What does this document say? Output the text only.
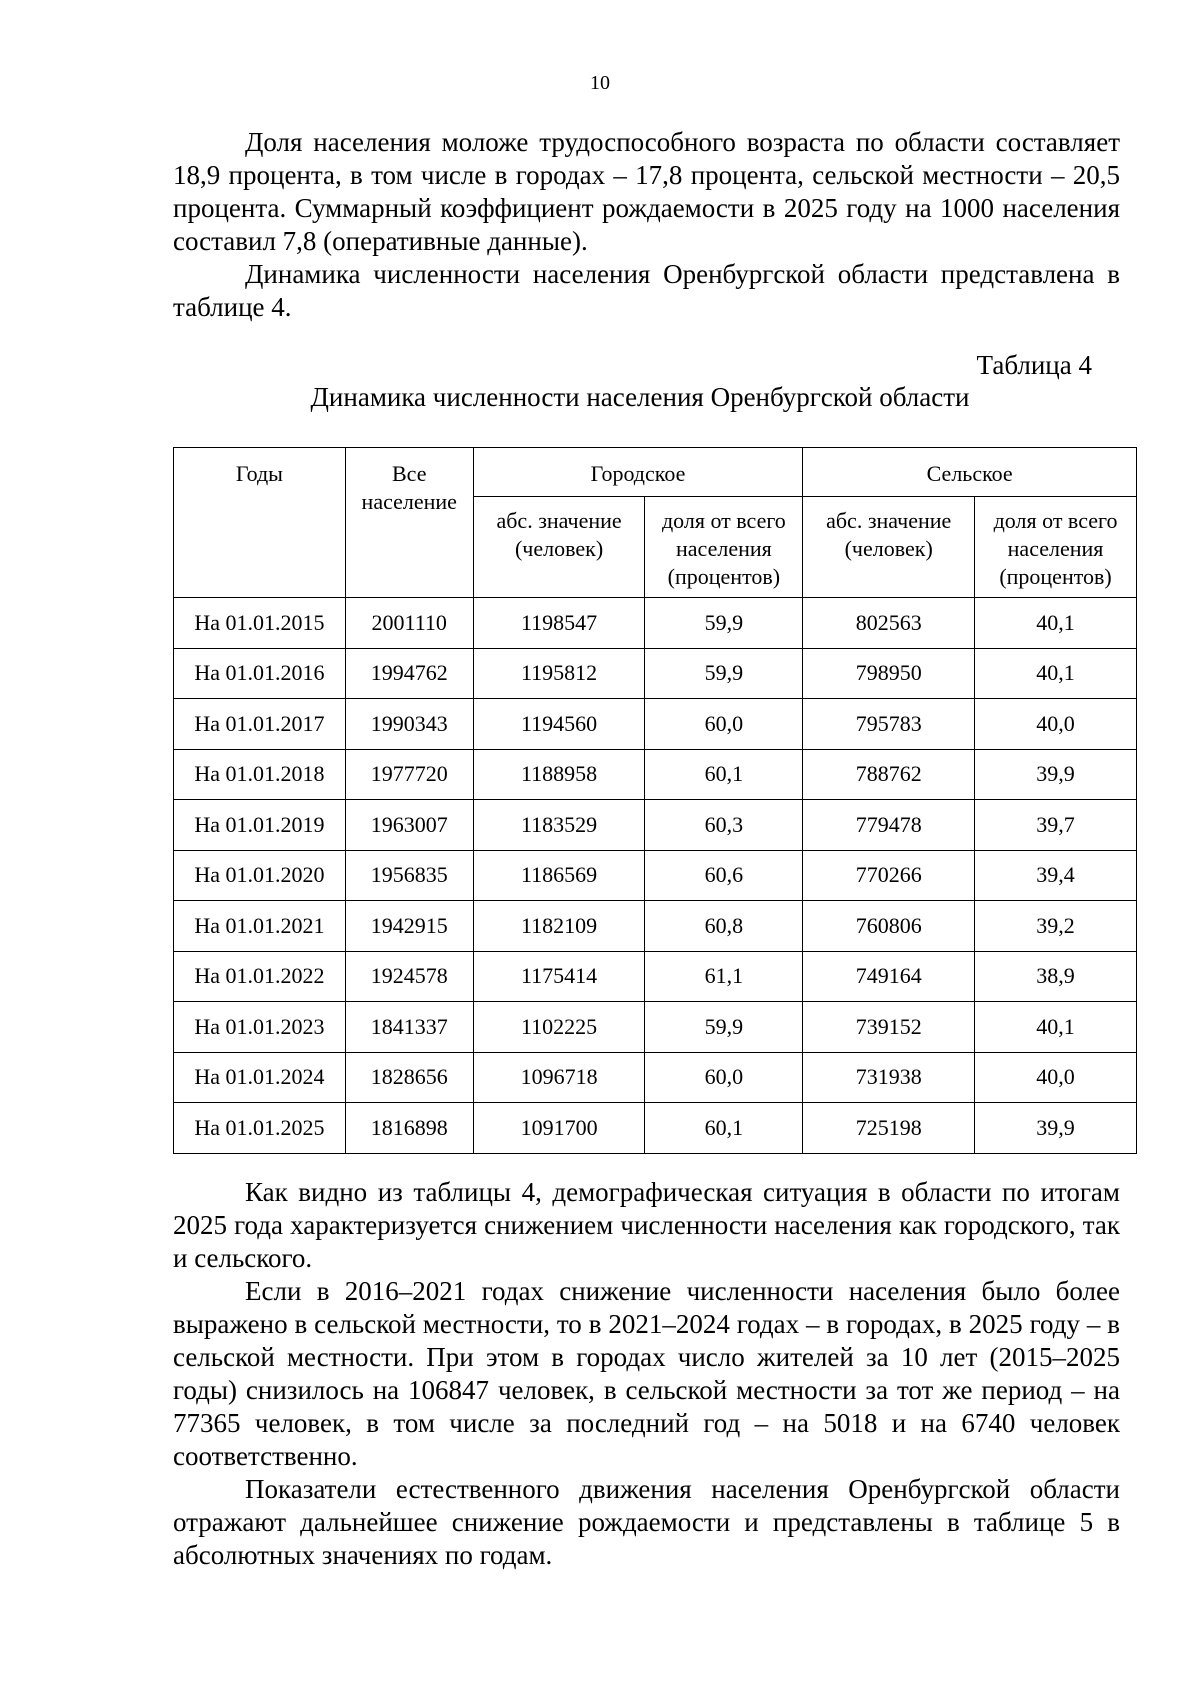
10

Доля населения моложе трудоспособного возраста по области составляет 18,9 процента, в том числе в городах – 17,8 процента, сельской местности – 20,5 процента. Суммарный коэффициент рождаемости в 2025 году на 1000 населения составил 7,8 (оперативные данные).

Динамика численности населения Оренбургской области представлена в таблице 4.

Таблица 4
Динамика численности населения Оренбургской области
Годы	Все население	Городское		Сельское	
		абс. значение (человек)	доля от всего населения (процентов)	абс. значение (человек)	доля от всего населения (процентов)
На 01.01.2015	2001110	1198547	59,9	802563	40,1
На 01.01.2016	1994762	1195812	59,9	798950	40,1
На 01.01.2017	1990343	1194560	60,0	795783	40,0
На 01.01.2018	1977720	1188958	60,1	788762	39,9
На 01.01.2019	1963007	1183529	60,3	779478	39,7
На 01.01.2020	1956835	1186569	60,6	770266	39,4
На 01.01.2021	1942915	1182109	60,8	760806	39,2
На 01.01.2022	1924578	1175414	61,1	749164	38,9
На 01.01.2023	1841337	1102225	59,9	739152	40,1
На 01.01.2024	1828656	1096718	60,0	731938	40,0
На 01.01.2025	1816898	1091700	60,1	725198	39,9

Как видно из таблицы 4, демографическая ситуация в области по итогам 2025 года характеризуется снижением численности населения как городского, так и сельского.

Если в 2016–2021 годах снижение численности населения было более выражено в сельской местности, то в 2021–2024 годах – в городах, в 2025 году – в сельской местности. При этом в городах число жителей за 10 лет (2015–2025 годы) снизилось на 106847 человек, в сельской местности за тот же период – на 77365 человек, в том числе за последний год – на 5018 и на 6740 человек соответственно.

Показатели естественного движения населения Оренбургской области отражают дальнейшее снижение рождаемости и представлены в таблице 5 в абсолютных значениях по годам.
